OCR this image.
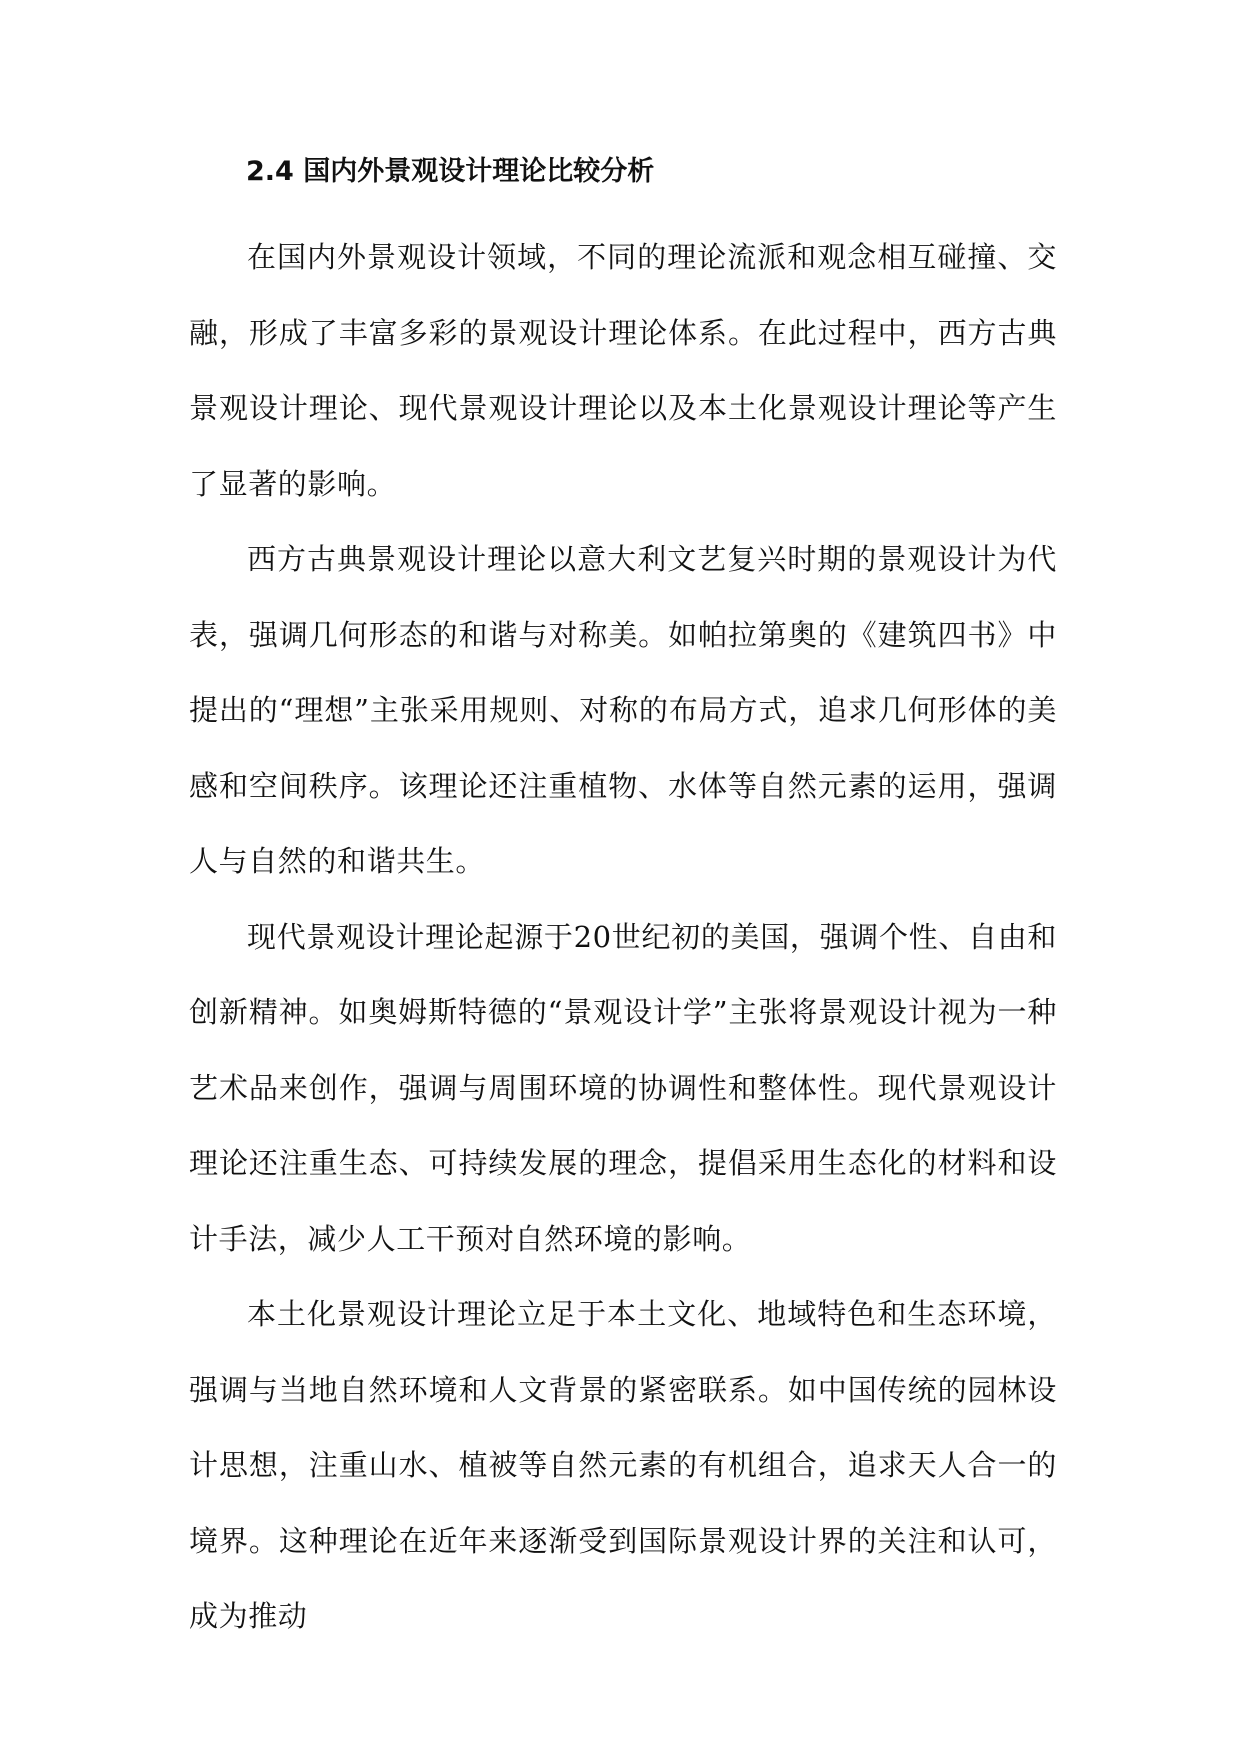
2.4 国内外景观设计理论比较分析

在国内外景观设计领域，不同的理论流派和观念相互碰撞、交融，形成了丰富多彩的景观设计理论体系。在此过程中，西方古典景观设计理论、现代景观设计理论以及本土化景观设计理论等产生了显著的影响。

西方古典景观设计理论以意大利文艺复兴时期的景观设计为代表，强调几何形态的和谐与对称美。如帕拉第奥的《建筑四书》中提出的“理想”主张采用规则、对称的布局方式，追求几何形体的美感和空间秩序。该理论还注重植物、水体等自然元素的运用，强调人与自然的和谐共生。

现代景观设计理论起源于20世纪初的美国，强调个性、自由和创新精神。如奥姆斯特德的“景观设计学”主张将景观设计视为一种艺术品来创作，强调与周围环境的协调性和整体性。现代景观设计理论还注重生态、可持续发展的理念，提倡采用生态化的材料和设计手法，减少人工干预对自然环境的影响。

本土化景观设计理论立足于本土文化、地域特色和生态环境，强调与当地自然环境和人文背景的紧密联系。如中国传统的园林设计思想，注重山水、植被等自然元素的有机组合，追求天人合一的境界。这种理论在近年来逐渐受到国际景观设计界的关注和认可，成为推动
